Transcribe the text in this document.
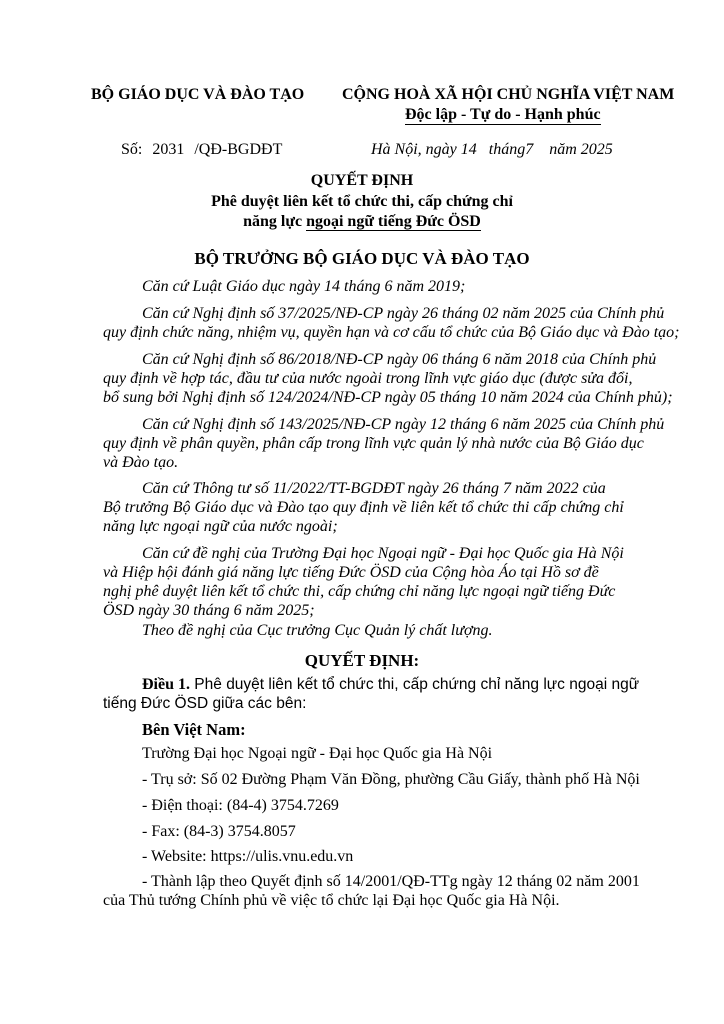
BỘ GIÁO DỤC VÀ ĐÀO TẠO CỘNG HOÀ XÃ HỘI CHỦ NGHĨA VIỆT NAM
Độc lập - Tự do - Hạnh phúc
Số: 2031 /QĐ-BGDĐT	Hà Nội, ngày 14   tháng7    năm 2025
QUYẾT ĐỊNH
Phê duyệt liên kết tổ chức thi, cấp chứng chỉ
năng lực ngoại ngữ tiếng Đức ÖSD
BỘ TRƯỞNG BỘ GIÁO DỤC VÀ ĐÀO TẠO
Căn cứ Luật Giáo dục ngày 14 tháng 6 năm 2019;
Căn cứ Nghị định số 37/2025/NĐ-CP ngày 26 tháng 02 năm 2025 của Chính phủ
quy định chức năng, nhiệm vụ, quyền hạn và cơ cấu tổ chức của Bộ Giáo dục và Đào tạo;
Căn cứ Nghị định số 86/2018/NĐ-CP ngày 06 tháng 6 năm 2018 của Chính phủ
quy định về hợp tác, đầu tư của nước ngoài trong lĩnh vực giáo dục (được sửa đổi,
bổ sung bởi Nghị định số 124/2024/NĐ-CP ngày 05 tháng 10 năm 2024 của Chính phủ);
Căn cứ Nghị định số 143/2025/NĐ-CP ngày 12 tháng 6 năm 2025 của Chính phủ
quy định về phân quyền, phân cấp trong lĩnh vực quản lý nhà nước của Bộ Giáo dục
và Đào tạo.
Căn cứ Thông tư số 11/2022/TT-BGDĐT ngày 26 tháng 7 năm 2022 của
Bộ trưởng Bộ Giáo dục và Đào tạo quy định về liên kết tổ chức thi cấp chứng chỉ
năng lực ngoại ngữ của nước ngoài;
Căn cứ đề nghị của Trường Đại học Ngoại ngữ - Đại học Quốc gia Hà Nội
và Hiệp hội đánh giá năng lực tiếng Đức ÖSD của Cộng hòa Áo tại Hồ sơ đề
nghị phê duyệt liên kết tổ chức thi, cấp chứng chỉ năng lực ngoại ngữ tiếng Đức
ÖSD ngày 30 tháng 6 năm 2025;
Theo đề nghị của Cục trưởng Cục Quản lý chất lượng.
QUYẾT ĐỊNH:
Điều 1. Phê duyệt liên kết tổ chức thi, cấp chứng chỉ năng lực ngoại ngữ
tiếng Đức ÖSD giữa các bên:
Bên Việt Nam:
Trường Đại học Ngoại ngữ - Đại học Quốc gia Hà Nội
- Trụ sở: Số 02 Đường Phạm Văn Đồng, phường Cầu Giấy, thành phố Hà Nội
- Điện thoại: (84-4) 3754.7269
- Fax: (84-3) 3754.8057
- Website: https://ulis.vnu.edu.vn
- Thành lập theo Quyết định số 14/2001/QĐ-TTg ngày 12 tháng 02 năm 2001
của Thủ tướng Chính phủ về việc tổ chức lại Đại học Quốc gia Hà Nội.
